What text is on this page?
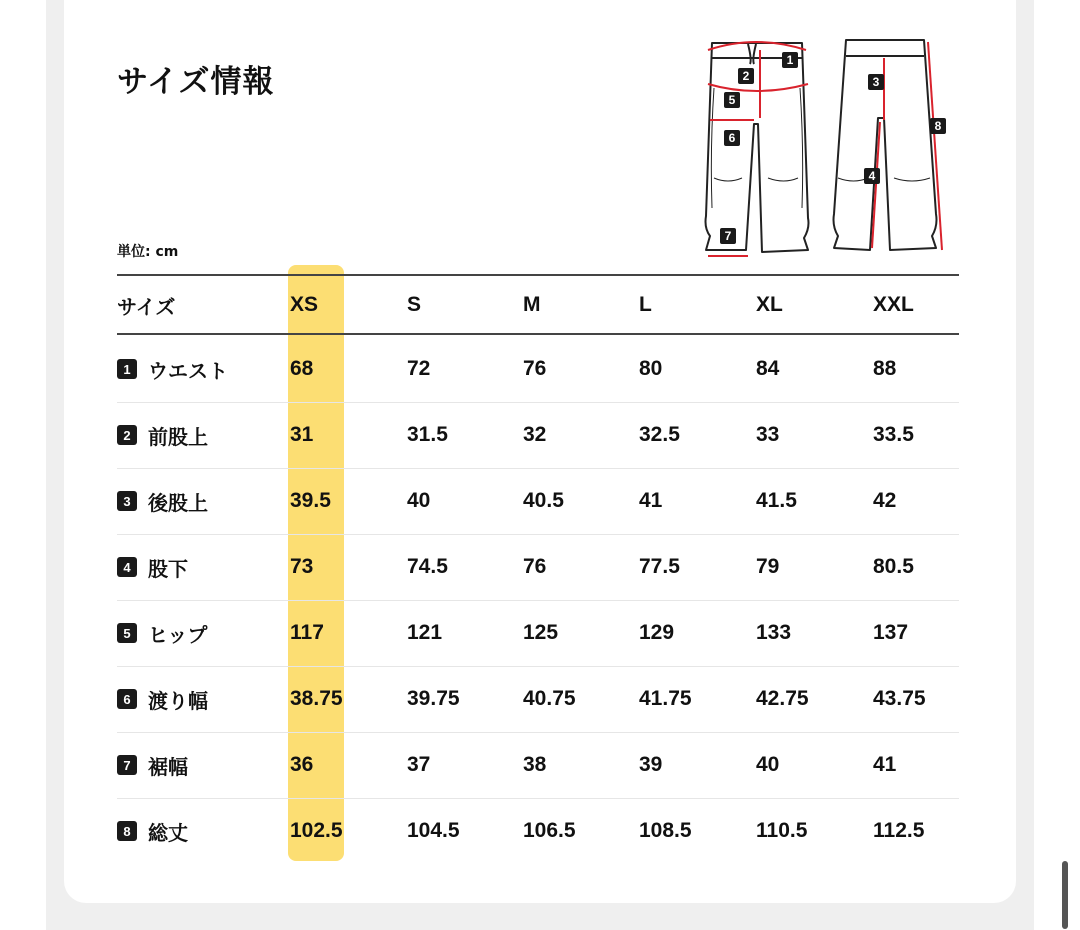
サイズ情報
単位: cm
1
2	3
4
5
6
7
8
サイズ	XS	S	M	L	XL	XXL
1 ウエスト	68	72	76	80	84	88
2 前股上	31	31.5	32	32.5	33	33.5
3 後股上	39.5	40	40.5	41	41.5	42
4 股下	73	74.5	76	77.5	79	80.5
5 ヒップ	117	121	125	129	133	137
6 渡り幅	38.75	39.75	40.75	41.75	42.75	43.75
7 裾幅	36	37	38	39	40	41
8 総丈	102.5	104.5	106.5	108.5	110.5	112.5
